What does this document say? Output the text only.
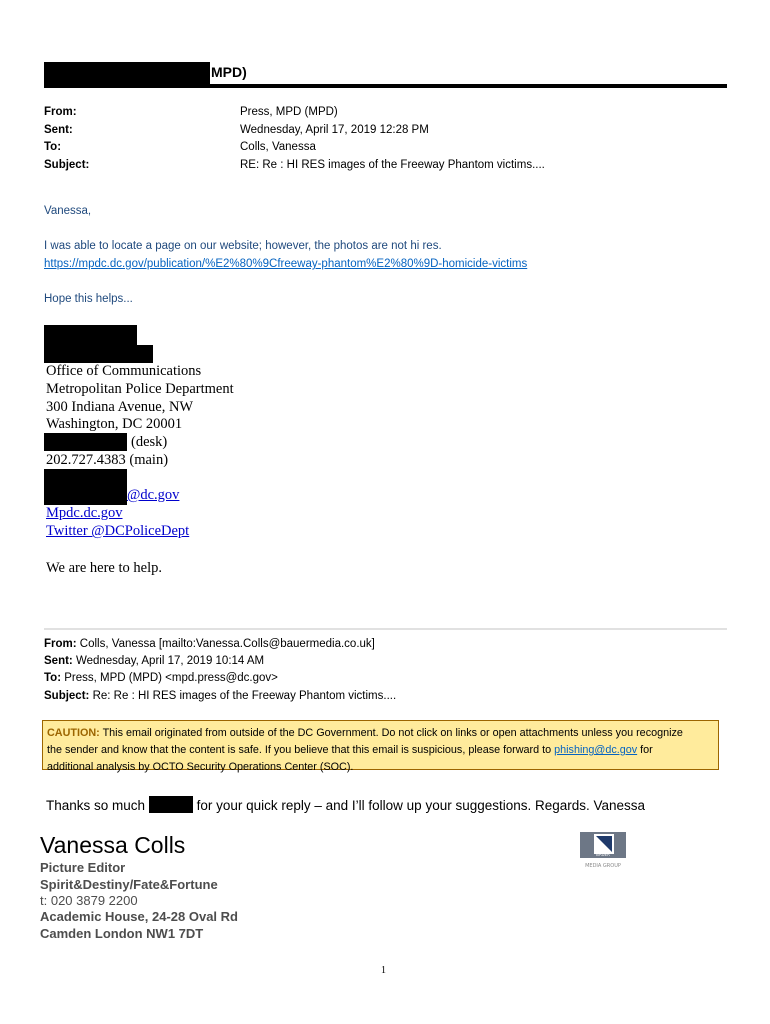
MPD)
From:	Press, MPD (MPD)
Sent:	Wednesday, April 17, 2019 12:28 PM
To:	Colls, Vanessa
Subject:	RE: Re : HI RES images of the Freeway Phantom victims....
Vanessa,
I was able to locate a page on our website; however, the photos are not hi res.
https://mpdc.dc.gov/publication/%E2%80%9Cfreeway-phantom%E2%80%9D-homicide-victims
Hope this helps...
Office of Communications
Metropolitan Police Department
300 Indiana Avenue, NW
Washington, DC 20001
(desk)
202.727.4383 (main)
@dc.gov
Mpdc.dc.gov
Twitter @DCPoliceDept
We are here to help.
From: Colls, Vanessa [mailto:Vanessa.Colls@bauermedia.co.uk]
Sent: Wednesday, April 17, 2019 10:14 AM
To: Press, MPD (MPD) <mpd.press@dc.gov>
Subject: Re: Re : HI RES images of the Freeway Phantom victims....
CAUTION: This email originated from outside of the DC Government. Do not click on links or open attachments unless you recognize
the sender and know that the content is safe. If you believe that this email is suspicious, please forward to phishing@dc.gov for
additional analysis by OCTO Security Operations Center (SOC).
Thanks so much	for your quick reply – and I’ll follow up your suggestions. Regards. Vanessa
Vanessa Colls
Picture Editor
Spirit&Destiny/Fate&Fortune
t: 020 3879 2200
Academic House, 24-28 Oval Rd
Camden London NW1 7DT
BAUER
MEDIA GROUP
1
